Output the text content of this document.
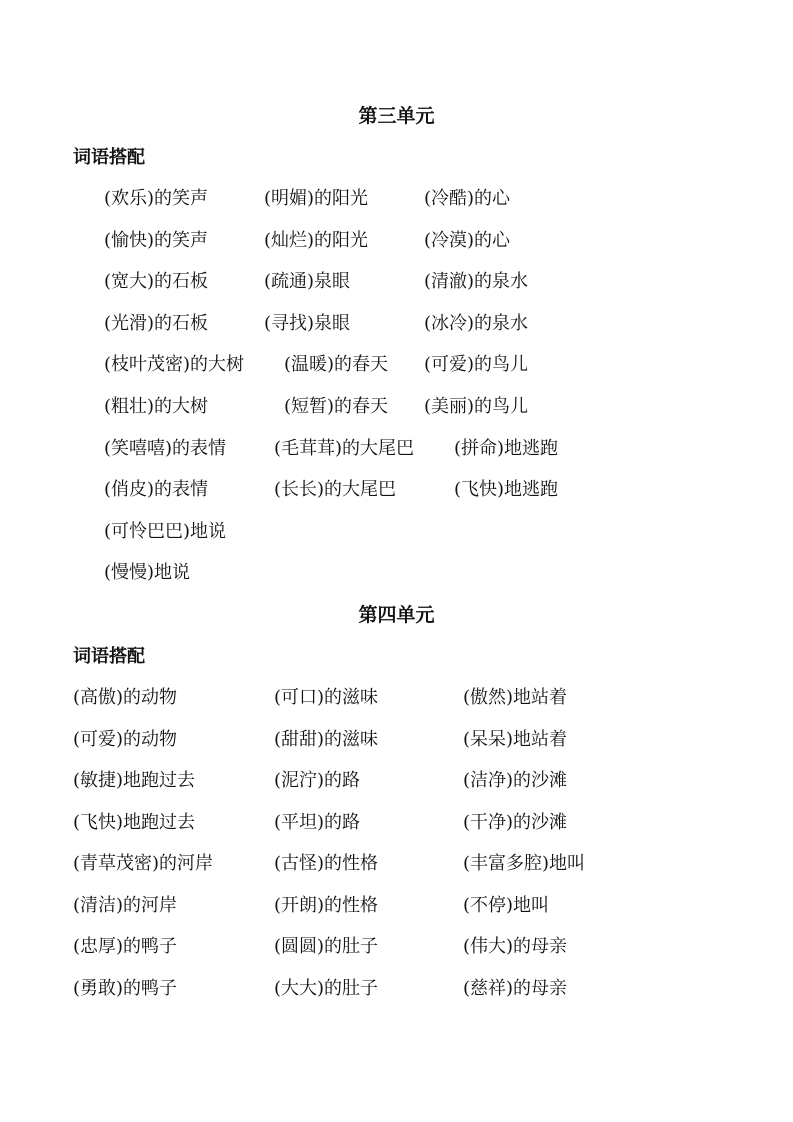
第三单元
词语搭配
(欢乐)的笑声	(明媚)的阳光	(冷酷)的心
(愉快)的笑声	(灿烂)的阳光	(冷漠)的心
(宽大)的石板	(疏通)泉眼	(清澈)的泉水
(光滑)的石板	(寻找)泉眼	(冰冷)的泉水
(枝叶茂密)的大树 (温暖)的春天 (可爱)的鸟儿
(粗壮)的大树	(短暂)的春天 (美丽)的鸟儿
(笑嘻嘻)的表情	(毛茸茸)的大尾巴 (拼命)地逃跑
(俏皮)的表情	(长长)的大尾巴	(飞快)地逃跑
(可怜巴巴)地说
(慢慢)地说
第四单元
词语搭配
(高傲)的动物	(可口)的滋味	(傲然)地站着
(可爱)的动物	(甜甜)的滋味	(呆呆)地站着
(敏捷)地跑过去	(泥泞)的路	(洁净)的沙滩
(飞快)地跑过去	(平坦)的路	(干净)的沙滩
(青草茂密)的河岸	(古怪)的性格	(丰富多腔)地叫
(清洁)的河岸	(开朗)的性格	(不停)地叫
(忠厚)的鸭子	(圆圆)的肚子	(伟大)的母亲
(勇敢)的鸭子	(大大)的肚子	(慈祥)的母亲
